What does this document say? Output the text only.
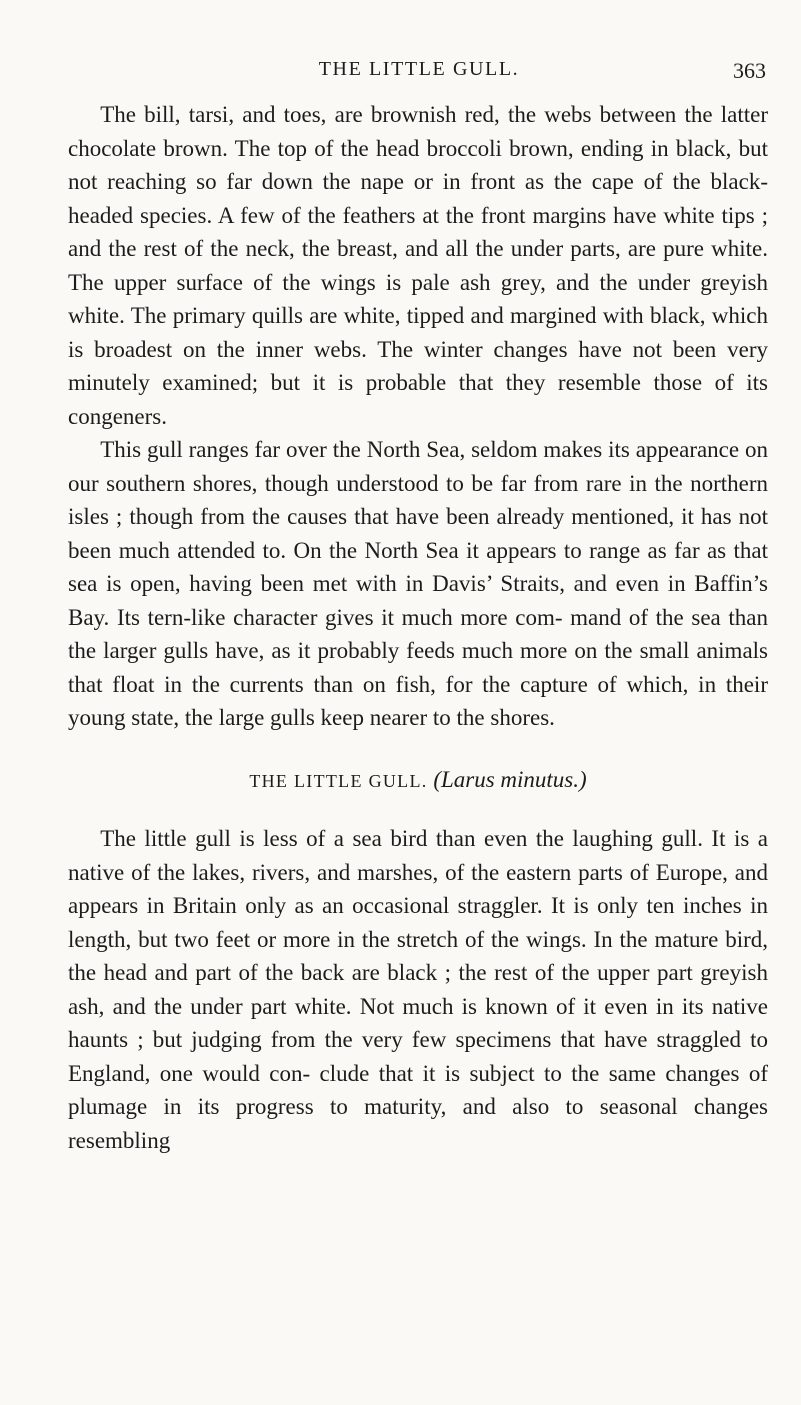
THE LITTLE GULL.	363

The bill, tarsi, and toes, are brownish red, the webs between the latter chocolate brown. The top of the head broccoli brown, ending in black, but not reaching so far down the nape or in front as the cape of the black-headed species. A few of the feathers at the front margins have white tips ; and the rest of the neck, the breast, and all the under parts, are pure white. The upper surface of the wings is pale ash grey, and the under greyish white. The primary quills are white, tipped and margined with black, which is broadest on the inner webs. The winter changes have not been very minutely examined; but it is probable that they resemble those of its congeners.

This gull ranges far over the North Sea, seldom makes its appearance on our southern shores, though understood to be far from rare in the northern isles ; though from the causes that have been already mentioned, it has not been much attended to. On the North Sea it appears to range as far as that sea is open, having been met with in Davis’ Straits, and even in Baffin’s Bay. Its tern-like character gives it much more com- mand of the sea than the larger gulls have, as it probably feeds much more on the small animals that float in the currents than on fish, for the capture of which, in their young state, the large gulls keep nearer to the shores.

THE LITTLE GULL. (Larus minutus.)

The little gull is less of a sea bird than even the laughing gull. It is a native of the lakes, rivers, and marshes, of the eastern parts of Europe, and appears in Britain only as an occasional straggler. It is only ten inches in length, but two feet or more in the stretch of the wings. In the mature bird, the head and part of the back are black ; the rest of the upper part greyish ash, and the under part white. Not much is known of it even in its native haunts ; but judging from the very few specimens that have straggled to England, one would con- clude that it is subject to the same changes of plumage in its progress to maturity, and also to seasonal changes resembling
